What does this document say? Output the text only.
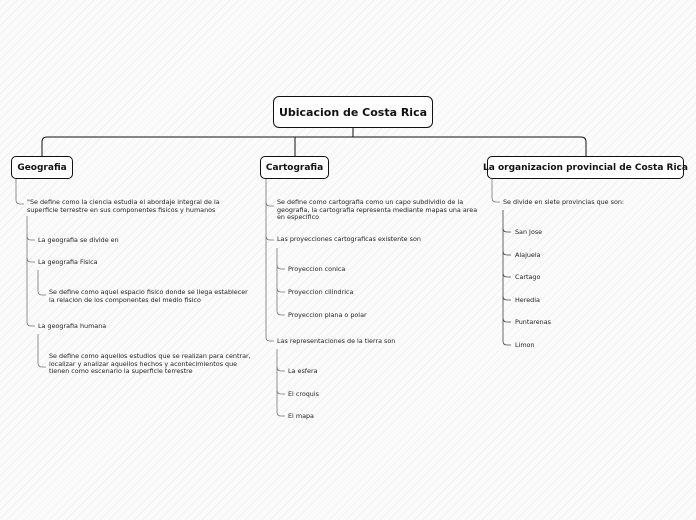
Ubicacion de Costa Rica
Geografia	Cartografia	La organizacion provincial de Costa Rica
"Se define como la ciencia estudia el abordaje integral de la
superficie terrestre en sus componentes fisicos y humanos
La geografia se divide en
La geografia Fisica
Se define como aquel espacio fisico donde se llega establecer
la relacion de los componentes del medio fisico
La geografia humana
Se define como aquellos estudios que se realizan para centrar,
localizar y analizar aquellos hechos y acontecimientos que
tienen como escenario la superficie terrestre
Se define como cartografia como un capo subdividio de la
geografia, la cartografia representa mediante mapas una area
en especifico
Las proyecciones cartograficas existente son
Proyeccion conica
Proyeccion cilindrica
Proyeccion plana o polar
Las representaciones de la tierra son
La esfera
El croquis
El mapa
Se divide en siete provincias que son:
San Jose
Alajuela
Cartago
Heredia
Puntarenas
Limon
